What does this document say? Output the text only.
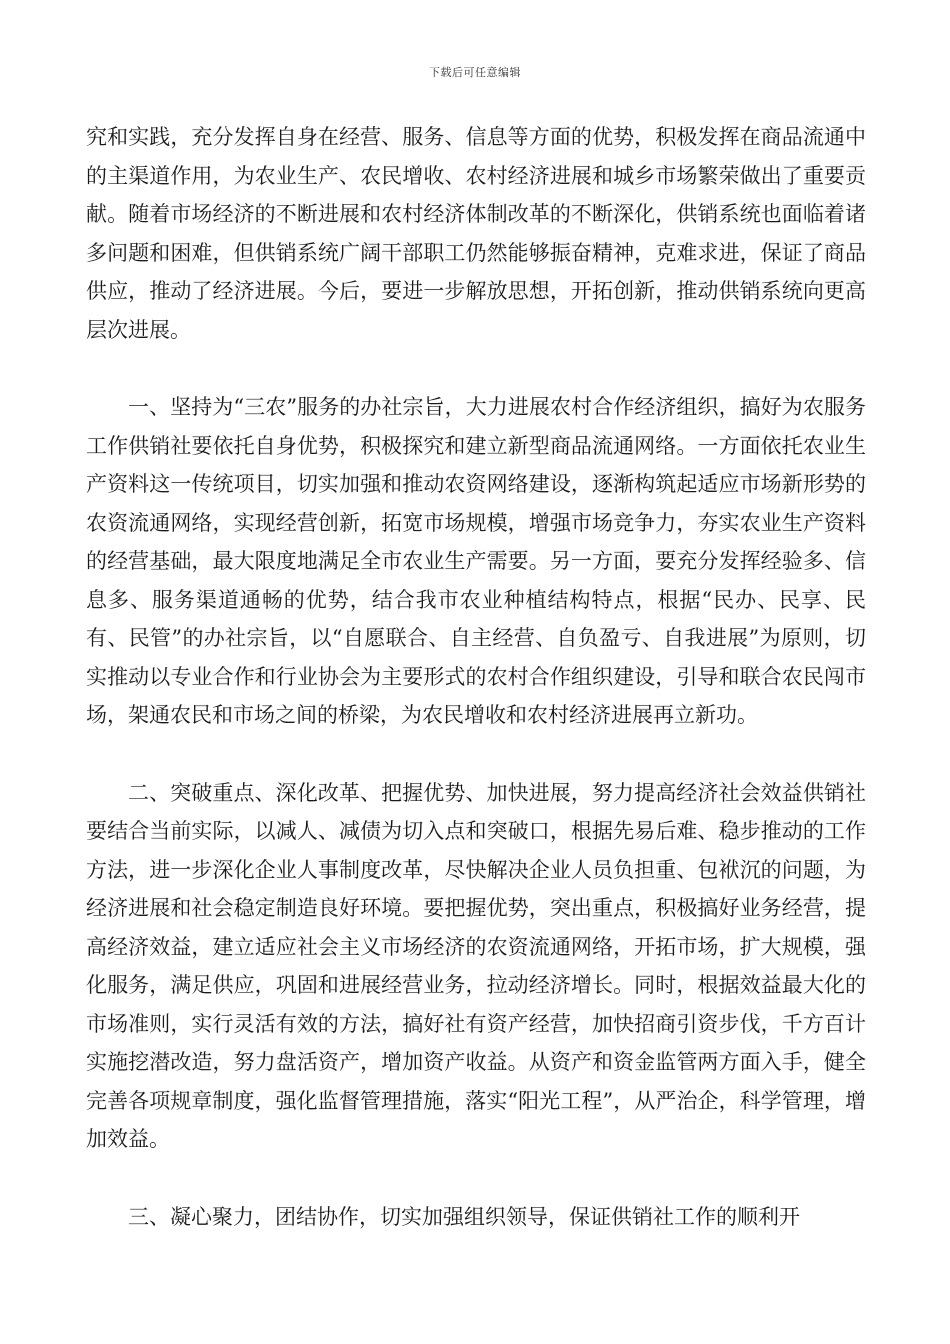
下载后可任意编辑

究和实践，充分发挥自身在经营、服务、信息等方面的优势，积极发挥在商品流通中的主渠道作用，为农业生产、农民增收、农村经济进展和城乡市场繁荣做出了重要贡献。随着市场经济的不断进展和农村经济体制改革的不断深化，供销系统也面临着诸多问题和困难，但供销系统广阔干部职工仍然能够振奋精神，克难求进，保证了商品供应，推动了经济进展。今后，要进一步解放思想，开拓创新，推动供销系统向更高层次进展。

一、坚持为“三农”服务的办社宗旨，大力进展农村合作经济组织，搞好为农服务工作供销社要依托自身优势，积极探究和建立新型商品流通网络。一方面依托农业生产资料这一传统项目，切实加强和推动农资网络建设，逐渐构筑起适应市场新形势的农资流通网络，实现经营创新，拓宽市场规模，增强市场竞争力，夯实农业生产资料的经营基础，最大限度地满足全市农业生产需要。另一方面，要充分发挥经验多、信息多、服务渠道通畅的优势，结合我市农业种植结构特点，根据“民办、民享、民有、民管”的办社宗旨，以“自愿联合、自主经营、自负盈亏、自我进展”为原则，切实推动以专业合作和行业协会为主要形式的农村合作组织建设，引导和联合农民闯市场，架通农民和市场之间的桥梁，为农民增收和农村经济进展再立新功。

二、突破重点、深化改革、把握优势、加快进展，努力提高经济社会效益供销社要结合当前实际，以减人、减债为切入点和突破口，根据先易后难、稳步推动的工作方法，进一步深化企业人事制度改革，尽快解决企业人员负担重、包袱沉的问题，为经济进展和社会稳定制造良好环境。要把握优势，突出重点，积极搞好业务经营，提高经济效益，建立适应社会主义市场经济的农资流通网络，开拓市场，扩大规模，强化服务，满足供应，巩固和进展经营业务，拉动经济增长。同时，根据效益最大化的市场准则，实行灵活有效的方法，搞好社有资产经营，加快招商引资步伐，千方百计实施挖潜改造，努力盘活资产，增加资产收益。从资产和资金监管两方面入手，健全完善各项规章制度，强化监督管理措施，落实“阳光工程”，从严治企，科学管理，增加效益。

三、凝心聚力，团结协作，切实加强组织领导，保证供销社工作的顺利开
